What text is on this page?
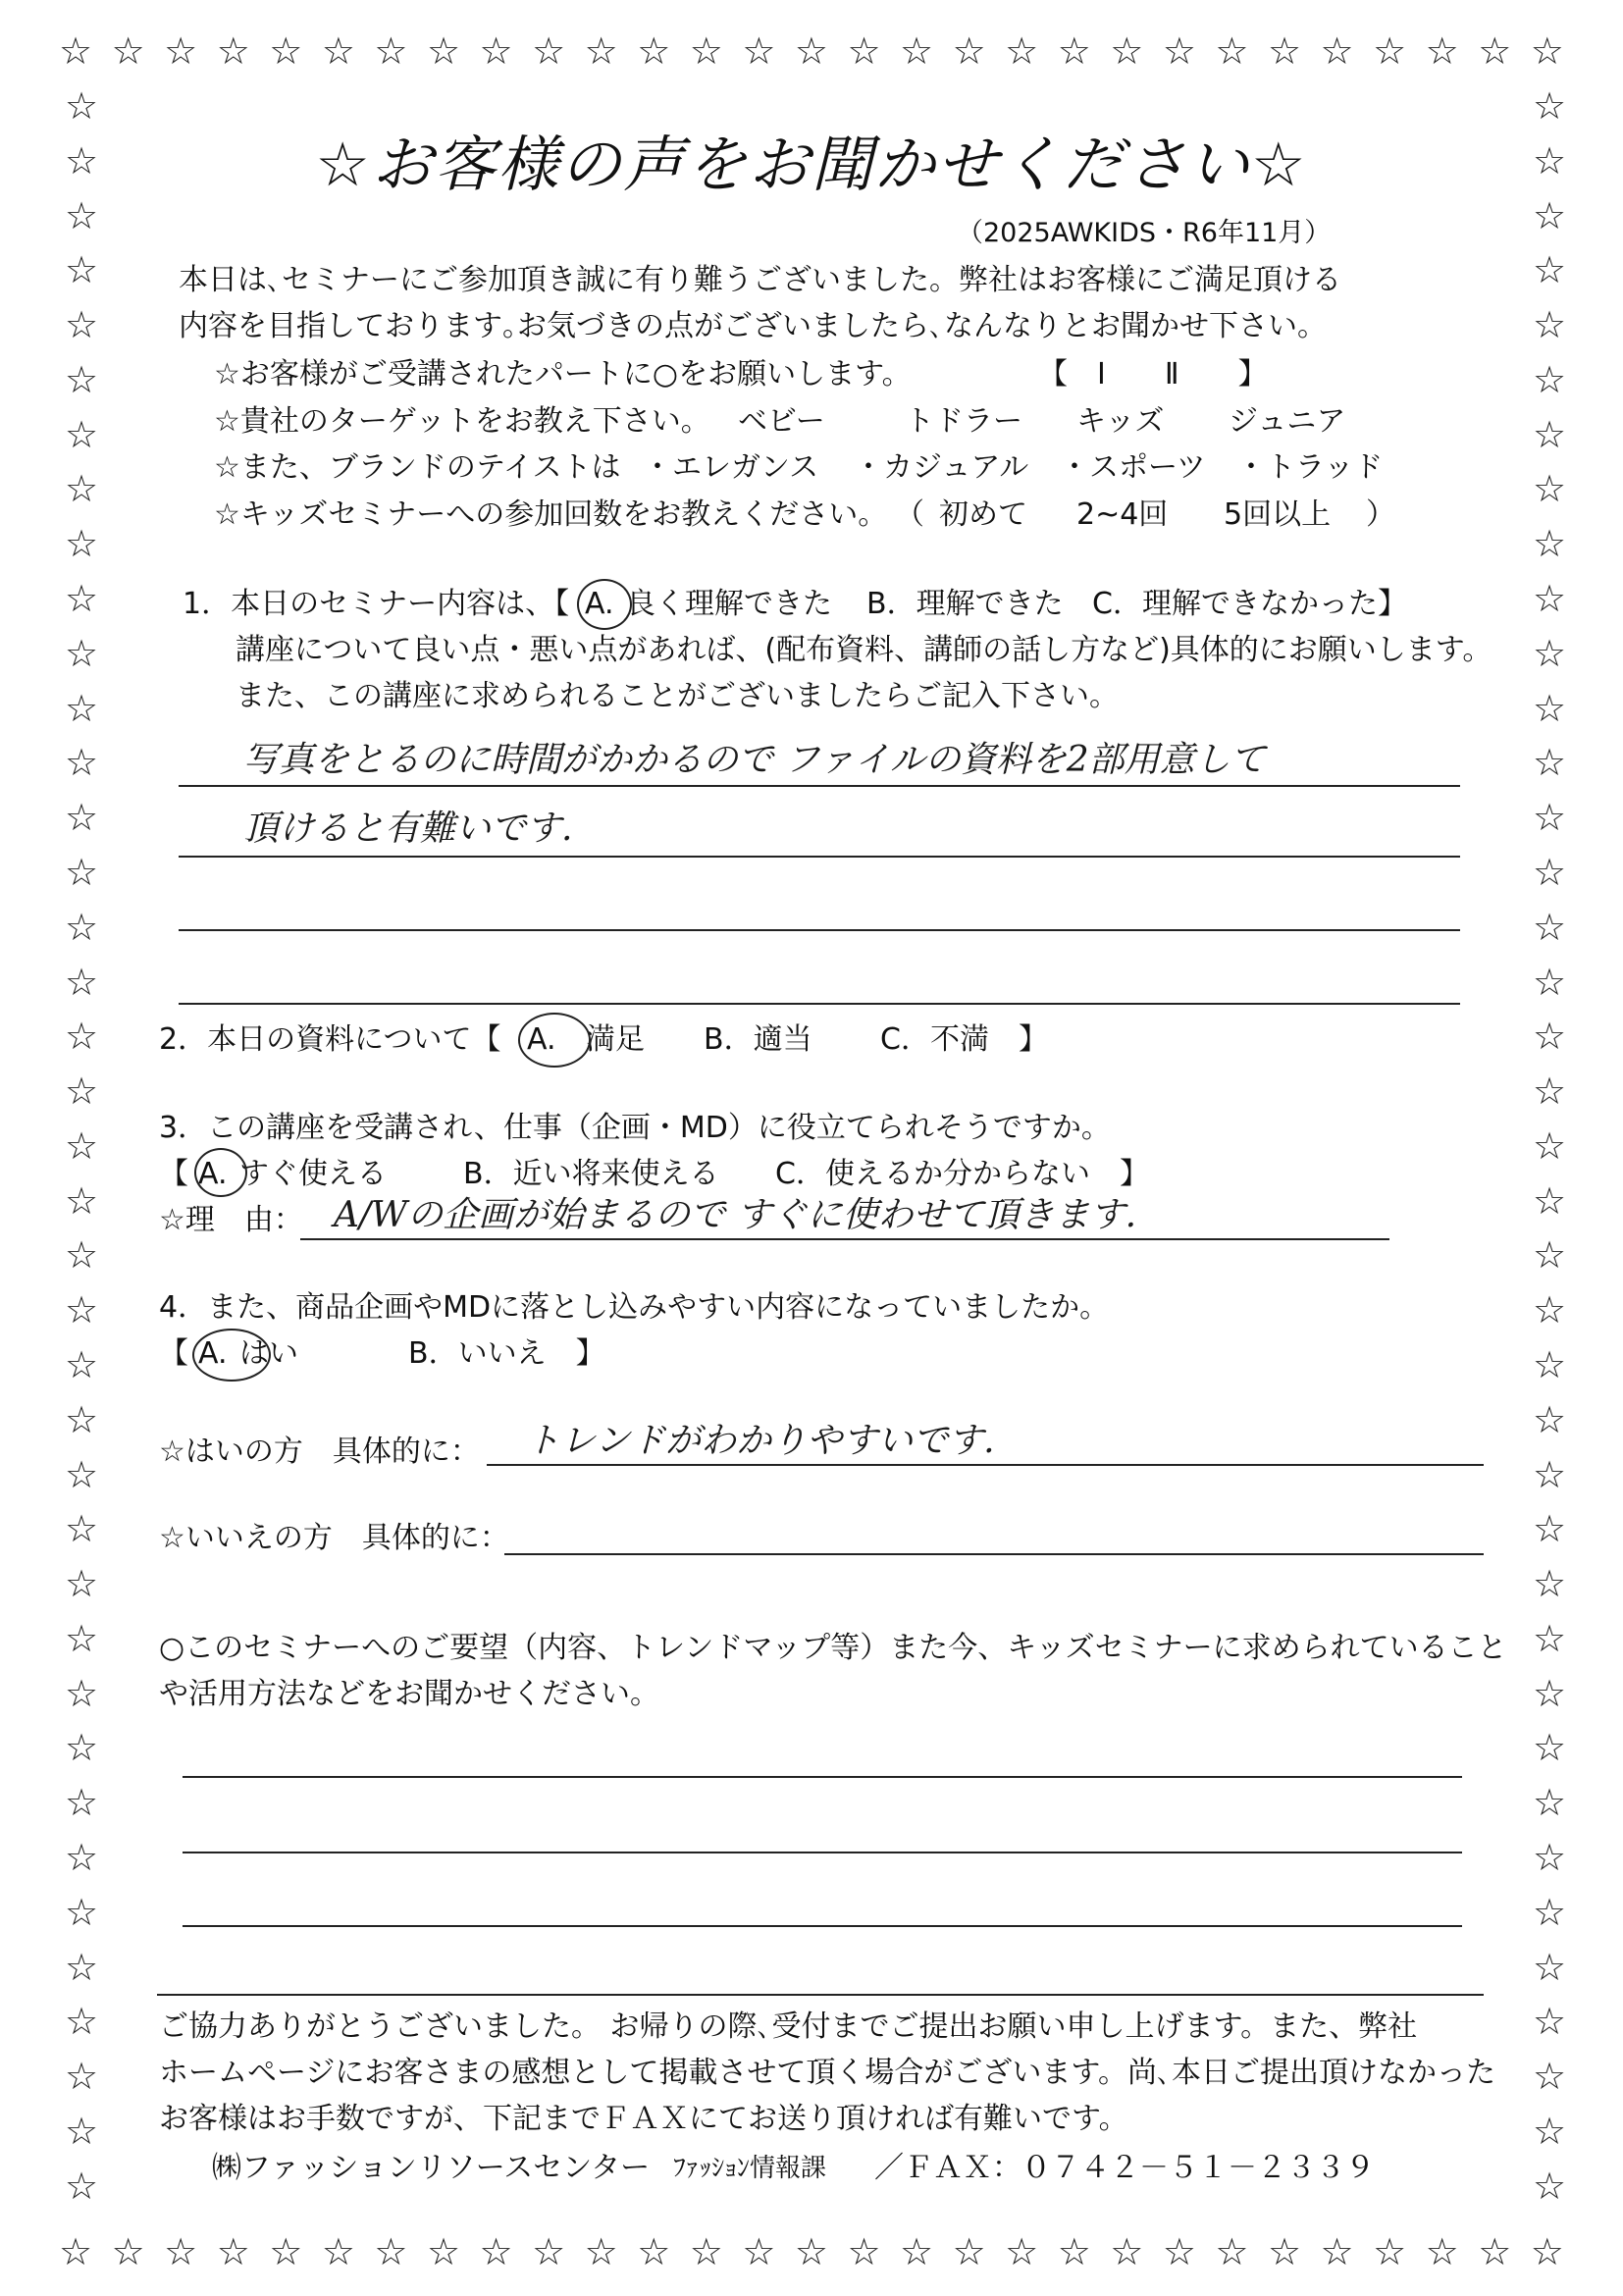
☆ ☆ ☆ ☆ ☆ ☆ ☆ ☆ ☆ ☆ ☆ ☆ ☆ ☆ ☆ ☆ ☆ ☆ ☆ ☆ ☆ ☆ ☆ ☆ ☆ ☆ ☆ ☆ ☆
☆ ☆ ☆ ☆ ☆ ☆ ☆ ☆ ☆ ☆ ☆ ☆ ☆ ☆ ☆ ☆ ☆ ☆ ☆ ☆ ☆ ☆ ☆ ☆ ☆ ☆ ☆ ☆ ☆
☆
☆
☆
☆
☆
☆
☆
☆
☆
☆
☆
☆
☆
☆
☆
☆
☆
☆
☆
☆
☆
☆
☆
☆
☆
☆
☆
☆
☆
☆
☆
☆
☆
☆
☆
☆
☆
☆
☆
☆
☆
☆
☆
☆
☆
☆
☆
☆
☆
☆
☆
☆
☆
☆
☆
☆
☆
☆
☆
☆
☆
☆
☆
☆
☆
☆
☆
☆
☆
☆
☆
☆
☆
☆
☆
☆
☆
☆
☆お客様の声をお聞かせください☆
（2025AWKIDS・R6年11月）
本日は､セミナーにご参加頂き誠に有り難うございました。弊社はお客様にご満足頂ける
内容を目指しております｡お気づきの点がございましたら､なんなりとお聞かせ下さい。
☆お客様がご受講されたパートに○をお願いします。	【　Ⅰ　　Ⅱ　　】
☆貴社のターゲットをお教え下さい。 ベビー	トドラー	キッズ	ジュニア
☆また、ブランドのテイストは ・エレガンス	・カジュアル	・スポーツ	・トラッド
☆キッズセミナーへの参加回数をお教えください。 （ 初めて	2~4回	5回以上	）
1．本日のセミナー内容は、【 A. 良く理解できた	B．理解できた C．理解できなかった】
講座について良い点・悪い点があれば、(配布資料、講師の話し方など)具体的にお願いします。
また、この講座に求められることがございましたらご記入下さい。
写真をとるのに時間がかかるので ファイルの資料を2部用意して
頂けると有難いです.
2．本日の資料について【 A.	満足	B．適当	C．不満　】
3．この講座を受講され、仕事（企画・MD）に役立てられそうですか。
【 A. すぐ使える	B．近い将来使える	C．使えるか分からない　】
☆理　由： A/Wの企画が始まるので すぐに使わせて頂きます.
4．また、商品企画やMDに落とし込みやすい内容になっていましたか。
【 A. はい	B．いいえ　】
☆はいの方　具体的に： トレンドがわかりやすいです.
☆いいえの方　具体的に：
○このセミナーへのご要望（内容、トレンドマップ等）また今、キッズセミナーに求められていること
や活用方法などをお聞かせください。
ご協力ありがとうございました。 お帰りの際､受付までご提出お願い申し上げます。また、弊社
ホームページにお客さまの感想として掲載させて頂く場合がございます。尚､本日ご提出頂けなかった
お客様はお手数ですが、下記までＦＡＸにてお送り頂ければ有難いです。
㈱ファッションリソースセンター ﾌｧｯｼｮﾝ情報課	／ＦＡＸ：０７４２－５１－２３３９
